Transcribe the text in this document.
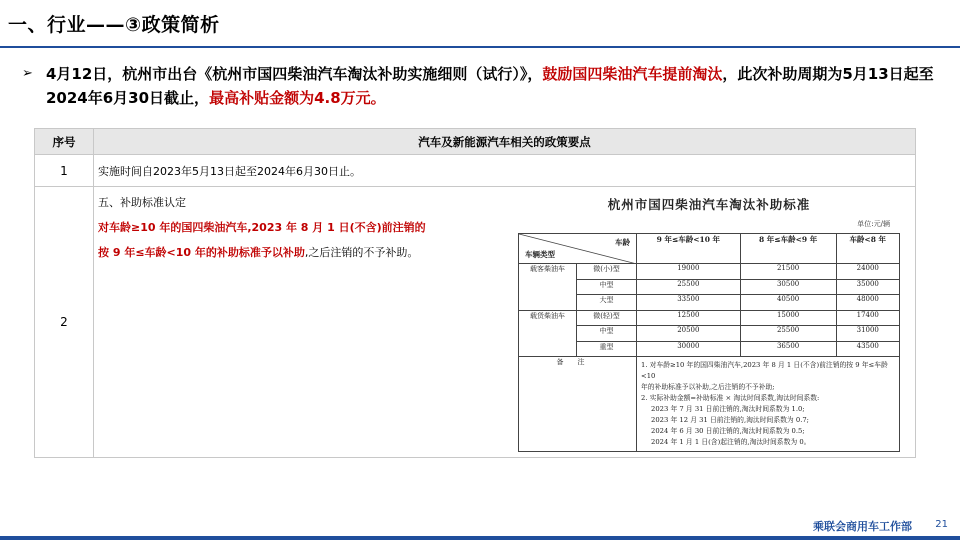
一、行业——③政策简析
➢ 4月12日，杭州市出台《杭州市国四柴油汽车淘汰补助实施细则（试行）》，鼓励国四柴油汽车提前淘汰，此次补助周期为5月13日起至2024年6月30日截止，最高补贴金额为4.8万元。
序号	汽车及新能源汽车相关的政策要点
1	实施时间自2023年5月13日起至2024年6月30日止。
2	
五、补助标准认定
对车龄≥10 年的国四柴油汽车,2023 年 8 月 1 日(不含)前注销的
按 9 年≤车龄<10 年的补助标准予以补助,之后注销的不予补助。
杭州市国四柴油汽车淘汰补助标准
单位:元/辆
车龄
车辆类型
	9 年≤车龄<10 年	8 年≤车龄<9 年	车龄<8 年
载客柴油车	微(小)型	19000	21500	24000
中型	25500	30500	35000
大型	33500	40500	48000
载货柴油车	微(轻)型	12500	15000	17400
中型	20500	25500	31000
重型	30000	36500	43500
备注	1. 对车龄≥10 年的国四柴油汽车,2023 年 8 月 1 日(不含)前注销的按 9 年≤车龄<10
年的补助标准予以补助,之后注销的不予补助;
2. 实际补助金额=补助标准 × 淘汰时间系数,淘汰时间系数:
2023 年 7 月 31 日前注销的,淘汰时间系数为 1.0;
2023 年 12 月 31 日前注销的,淘汰时间系数为 0.7;
2024 年 6 月 30 日前注销的,淘汰时间系数为 0.5;
2024 年 1 月 1 日(含)起注销的,淘汰时间系数为 0。
乘联会商用车工作部 21
